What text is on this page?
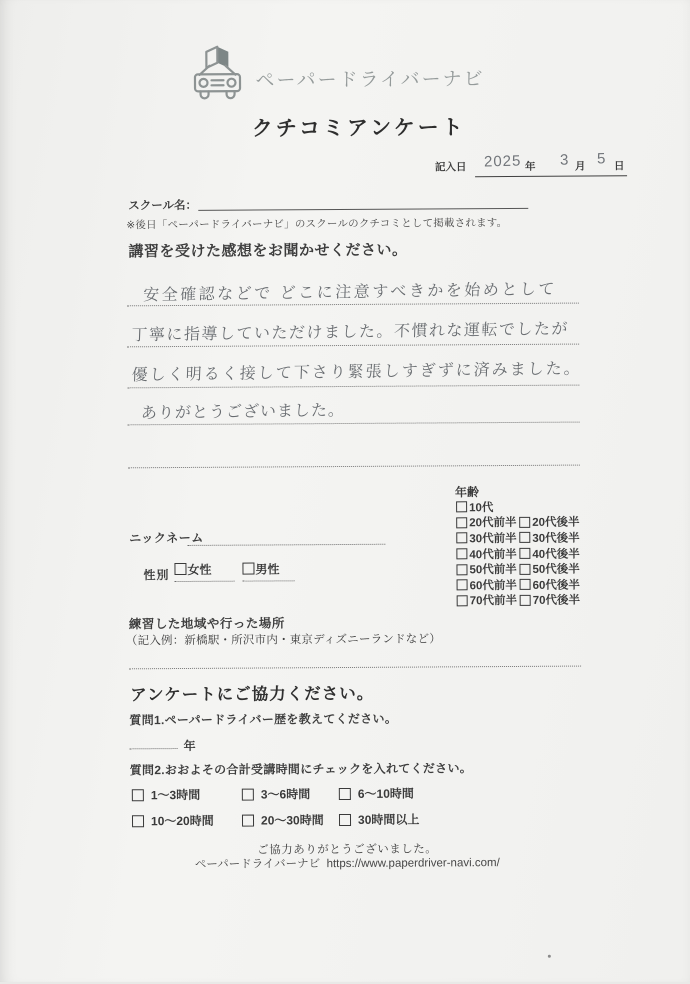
ペーパードライバーナビ
クチコミアンケート
記入日 2025 年 3 月 5 日
スクール名：
※後日「ペーパードライバーナビ」のスクールのクチコミとして掲載されます。
講習を受けた感想をお聞かせください。
安全確認などで どこに注意すべきかを始めとして
丁寧に指導していただけました。不慣れな運転でしたが
優しく明るく接して下さり緊張しすぎずに済みました。
ありがとうございました。
年齢
10代
20代前半 20代後半
30代前半 30代後半
40代前半 40代後半
50代前半 50代後半
60代前半 60代後半
70代前半 70代後半
ニックネーム
性別	女性	男性
練習した地域や行った場所
（記入例：新橋駅・所沢市内・東京ディズニーランドなど）
アンケートにご協力ください。
質問1.ペーパードライバー歴を教えてください。
年
質問2.おおよその合計受講時間にチェックを入れてください。
1～3時間	3～6時間	6～10時間
10～20時間	20～30時間	30時間以上
ご協力ありがとうございました。
ペーパードライバーナビ https://www.paperdriver-navi.com/
